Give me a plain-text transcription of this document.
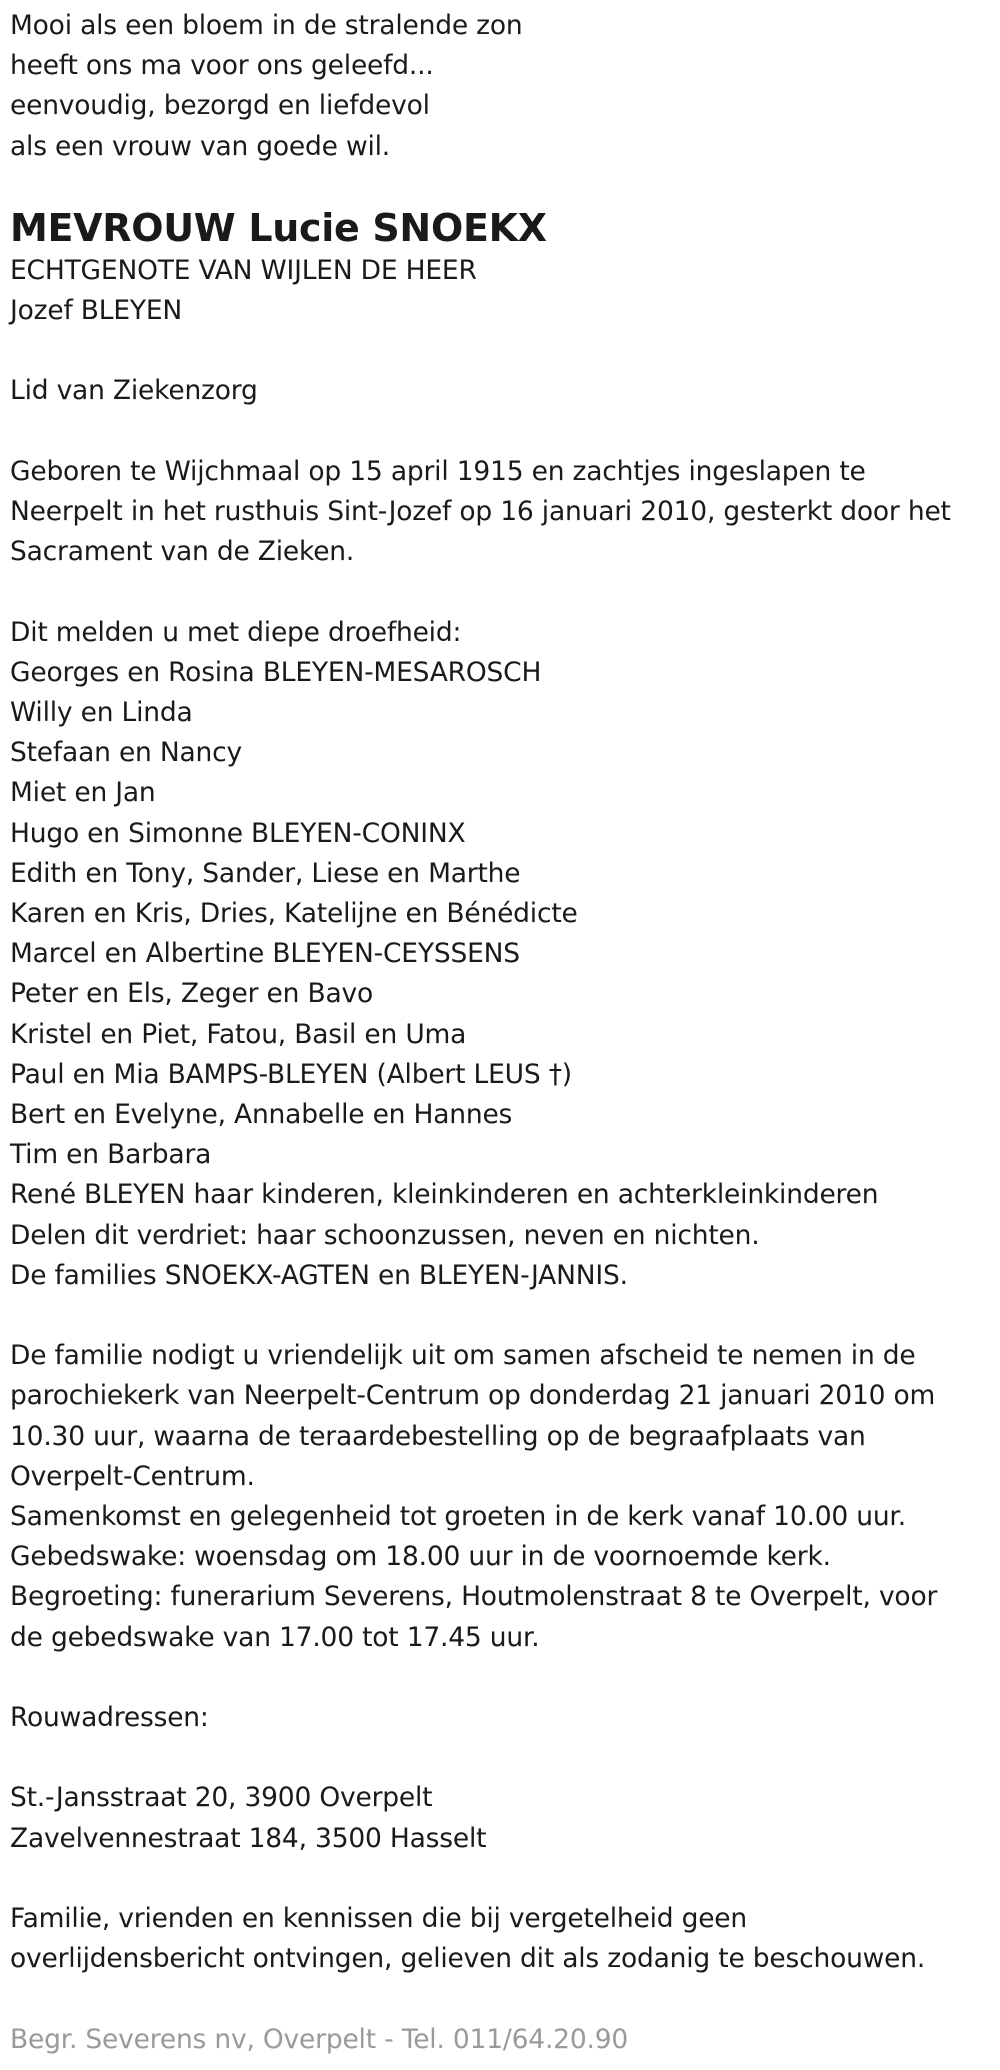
Mooi als een bloem in de stralende zon
heeft ons ma voor ons geleefd...
eenvoudig, bezorgd en liefdevol
als een vrouw van goede wil.
MEVROUW Lucie SNOEKX
ECHTGENOTE VAN WIJLEN DE HEER
Jozef BLEYEN
Lid van Ziekenzorg
Geboren te Wijchmaal op 15 april 1915 en zachtjes ingeslapen te
Neerpelt in het rusthuis Sint-Jozef op 16 januari 2010, gesterkt door het
Sacrament van de Zieken.
Dit melden u met diepe droefheid:
Georges en Rosina BLEYEN-MESAROSCH
Willy en Linda
Stefaan en Nancy
Miet en Jan
Hugo en Simonne BLEYEN-CONINX
Edith en Tony, Sander, Liese en Marthe
Karen en Kris, Dries, Katelijne en Bénédicte
Marcel en Albertine BLEYEN-CEYSSENS
Peter en Els, Zeger en Bavo
Kristel en Piet, Fatou, Basil en Uma
Paul en Mia BAMPS-BLEYEN (Albert LEUS †)
Bert en Evelyne, Annabelle en Hannes
Tim en Barbara
René BLEYEN haar kinderen, kleinkinderen en achterkleinkinderen
Delen dit verdriet: haar schoonzussen, neven en nichten.
De families SNOEKX-AGTEN en BLEYEN-JANNIS.
De familie nodigt u vriendelijk uit om samen afscheid te nemen in de
parochiekerk van Neerpelt-Centrum op donderdag 21 januari 2010 om
10.30 uur, waarna de teraardebestelling op de begraafplaats van
Overpelt-Centrum.
Samenkomst en gelegenheid tot groeten in de kerk vanaf 10.00 uur.
Gebedswake: woensdag om 18.00 uur in de voornoemde kerk.
Begroeting: funerarium Severens, Houtmolenstraat 8 te Overpelt, voor
de gebedswake van 17.00 tot 17.45 uur.
Rouwadressen:
St.-Jansstraat 20, 3900 Overpelt
Zavelvennestraat 184, 3500 Hasselt
Familie, vrienden en kennissen die bij vergetelheid geen
overlijdensbericht ontvingen, gelieven dit als zodanig te beschouwen.
Begr. Severens nv, Overpelt - Tel. 011/64.20.90
